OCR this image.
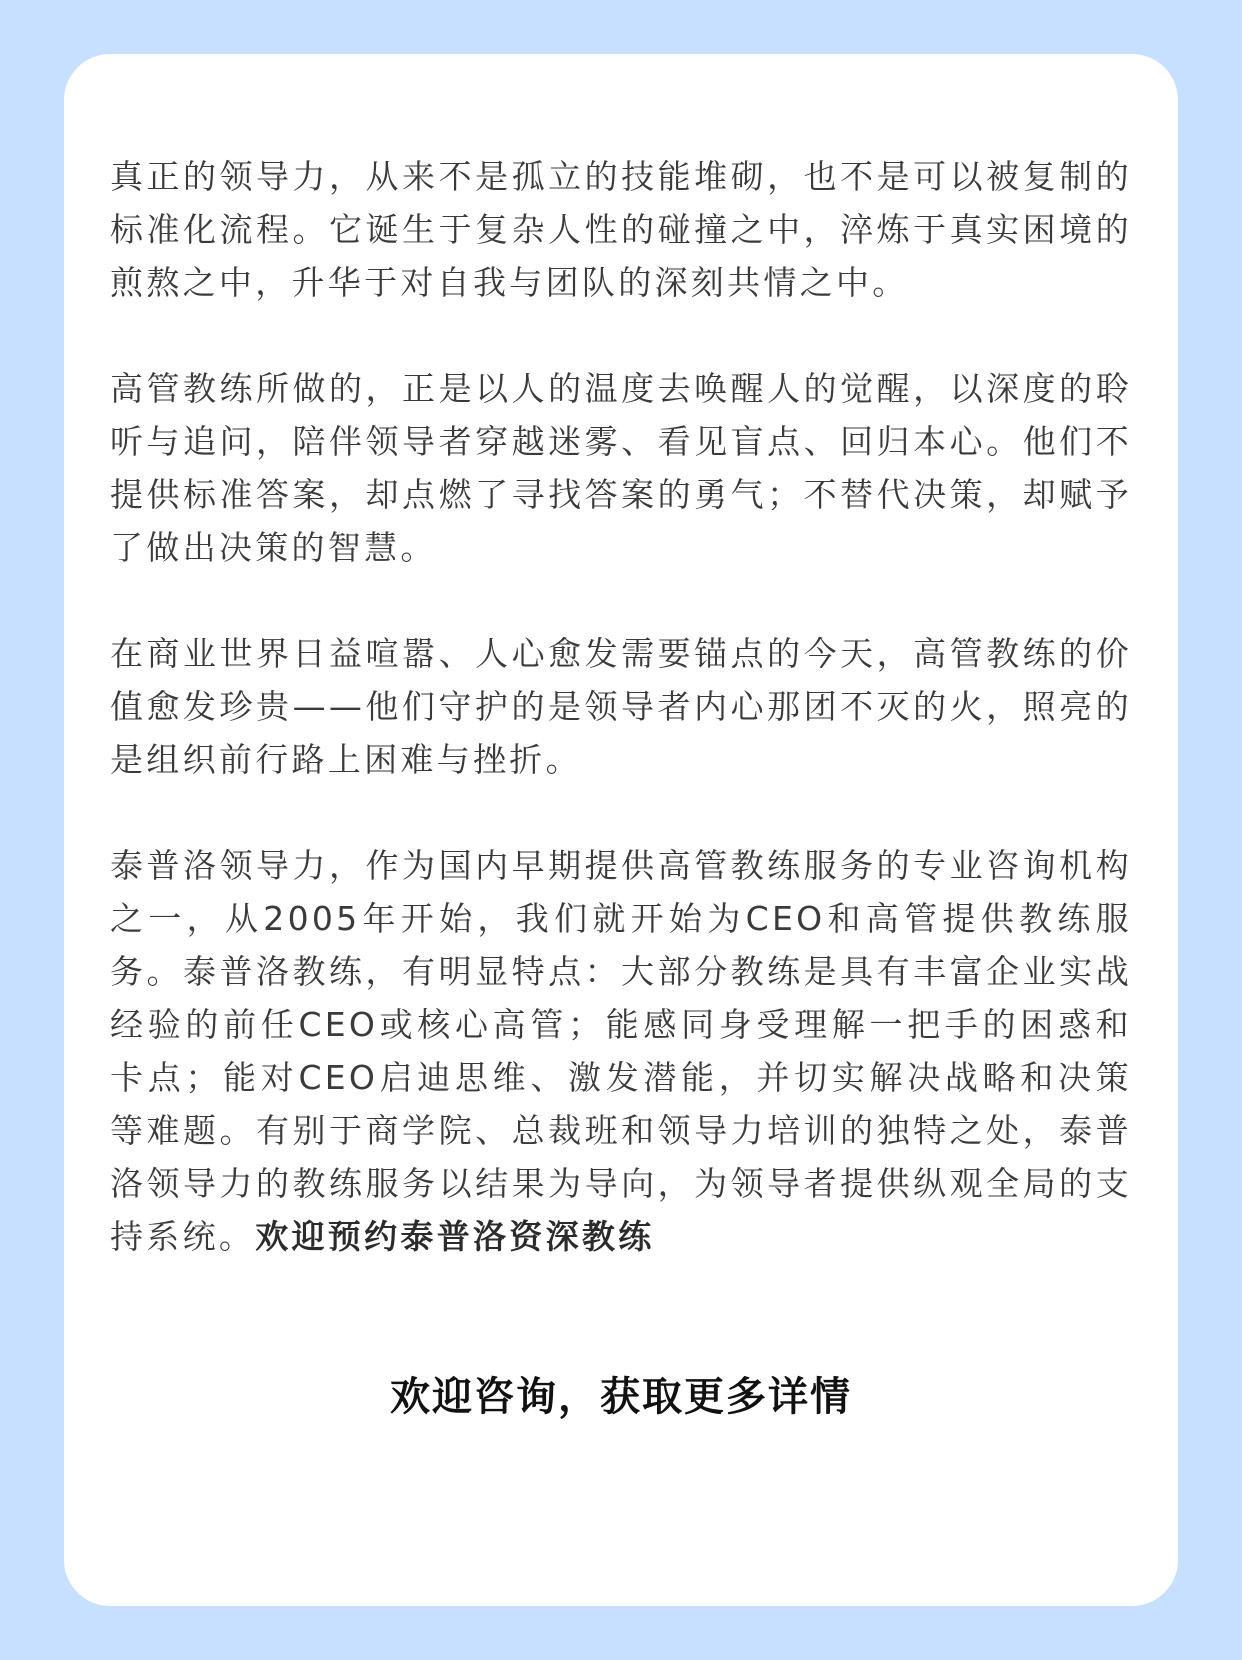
真正的领导力，从来不是孤立的技能堆砌，也不是可以被复制的标准化流程。它诞生于复杂人性的碰撞之中，淬炼于真实困境的煎熬之中，升华于对自我与团队的深刻共情之中。

高管教练所做的，正是以人的温度去唤醒人的觉醒，以深度的聆听与追问，陪伴领导者穿越迷雾、看见盲点、回归本心。他们不提供标准答案，却点燃了寻找答案的勇气；不替代决策，却赋予了做出决策的智慧。

在商业世界日益喧嚣、人心愈发需要锚点的今天，高管教练的价值愈发珍贵——他们守护的是领导者内心那团不灭的火，照亮的是组织前行路上困难与挫折。

泰普洛领导力，作为国内早期提供高管教练服务的专业咨询机构之一，从2005年开始，我们就开始为CEO和高管提供教练服务。泰普洛教练，有明显特点：大部分教练是具有丰富企业实战经验的前任CEO或核心高管；能感同身受理解一把手的困惑和卡点；能对CEO启迪思维、激发潜能，并切实解决战略和决策等难题。有别于商学院、总裁班和领导力培训的独特之处，泰普洛领导力的教练服务以结果为导向，为领导者提供纵观全局的支持系统。欢迎预约泰普洛资深教练

欢迎咨询，获取更多详情
